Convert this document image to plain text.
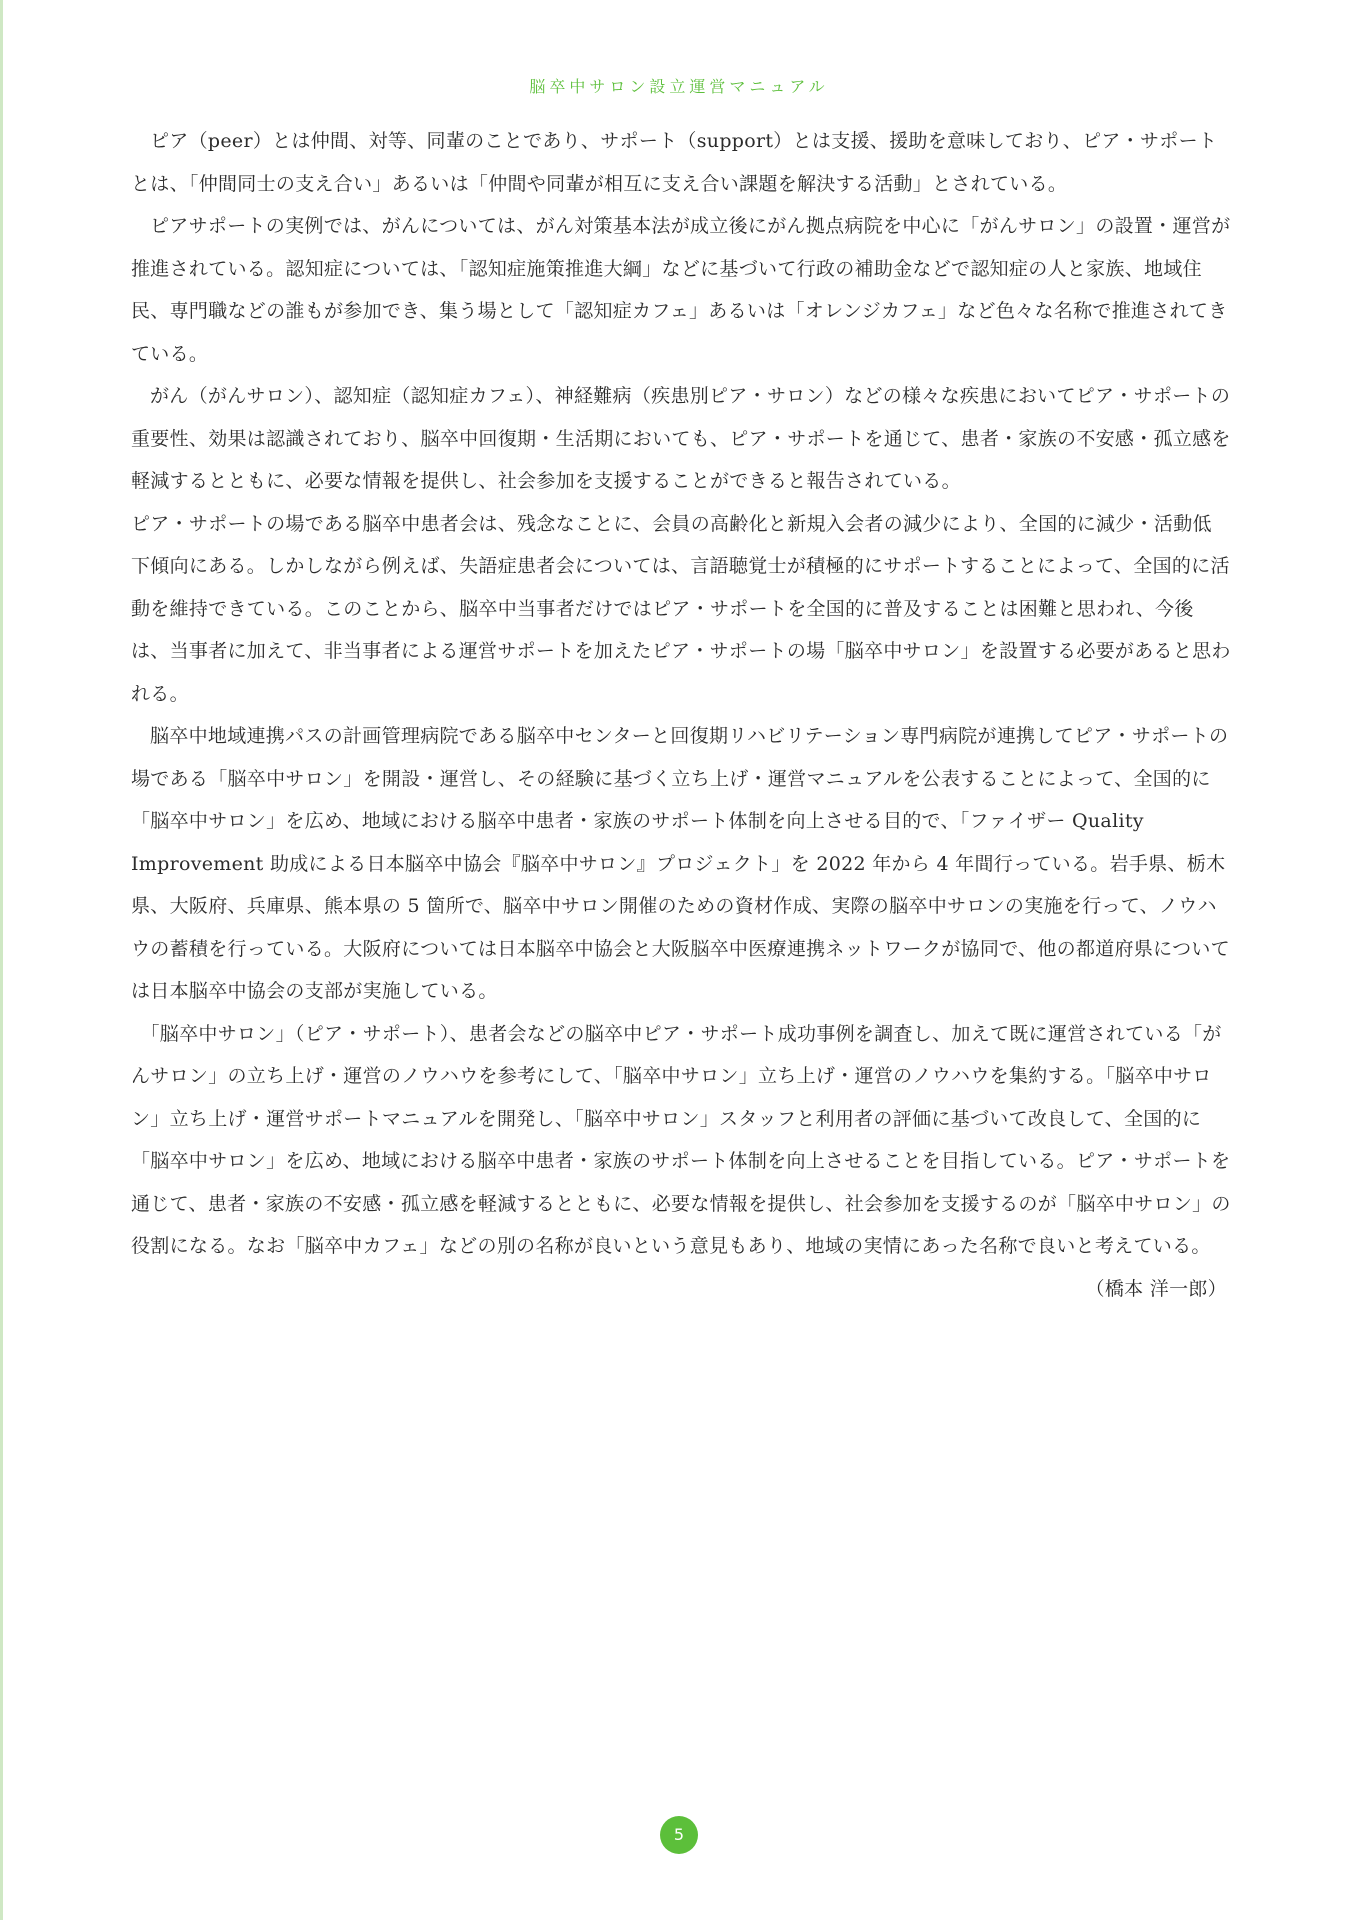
脳卒中サロン設立運営マニュアル

ピア（peer）とは仲間、対等、同輩のことであり、サポート（support）とは支援、援助を意味しており、ピア・サポートとは、「仲間同士の支え合い」あるいは「仲間や同輩が相互に支え合い課題を解決する活動」とされている。

ピアサポートの実例では、がんについては、がん対策基本法が成立後にがん拠点病院を中心に「がんサロン」の設置・運営が推進されている。認知症については、「認知症施策推進大綱」などに基づいて行政の補助金などで認知症の人と家族、地域住民、専門職などの誰もが参加でき、集う場として「認知症カフェ」あるいは「オレンジカフェ」など色々な名称で推進されてきている。

がん（がんサロン）、認知症（認知症カフェ）、神経難病（疾患別ピア・サロン）などの様々な疾患においてピア・サポートの重要性、効果は認識されており、脳卒中回復期・生活期においても、ピア・サポートを通じて、患者・家族の不安感・孤立感を軽減するとともに、必要な情報を提供し、社会参加を支援することができると報告されている。

ピア・サポートの場である脳卒中患者会は、残念なことに、会員の高齢化と新規入会者の減少により、全国的に減少・活動低下傾向にある。しかしながら例えば、失語症患者会については、言語聴覚士が積極的にサポートすることによって、全国的に活動を維持できている。このことから、脳卒中当事者だけではピア・サポートを全国的に普及することは困難と思われ、今後は、当事者に加えて、非当事者による運営サポートを加えたピア・サポートの場「脳卒中サロン」を設置する必要があると思われる。

脳卒中地域連携パスの計画管理病院である脳卒中センターと回復期リハビリテーション専門病院が連携してピア・サポートの場である「脳卒中サロン」を開設・運営し、その経験に基づく立ち上げ・運営マニュアルを公表することによって、全国的に「脳卒中サロン」を広め、地域における脳卒中患者・家族のサポート体制を向上させる目的で、「ファイザー Quality Improvement 助成による日本脳卒中協会『脳卒中サロン』プロジェクト」を 2022 年から 4 年間行っている。岩手県、栃木県、大阪府、兵庫県、熊本県の 5 箇所で、脳卒中サロン開催のための資材作成、実際の脳卒中サロンの実施を行って、ノウハウの蓄積を行っている。大阪府については日本脳卒中協会と大阪脳卒中医療連携ネットワークが協同で、他の都道府県については日本脳卒中協会の支部が実施している。

「脳卒中サロン」（ピア・サポート）、患者会などの脳卒中ピア・サポート成功事例を調査し、加えて既に運営されている「がんサロン」の立ち上げ・運営のノウハウを参考にして、「脳卒中サロン」立ち上げ・運営のノウハウを集約する。「脳卒中サロン」立ち上げ・運営サポートマニュアルを開発し、「脳卒中サロン」スタッフと利用者の評価に基づいて改良して、全国的に「脳卒中サロン」を広め、地域における脳卒中患者・家族のサポート体制を向上させることを目指している。ピア・サポートを通じて、患者・家族の不安感・孤立感を軽減するとともに、必要な情報を提供し、社会参加を支援するのが「脳卒中サロン」の役割になる。なお「脳卒中カフェ」などの別の名称が良いという意見もあり、地域の実情にあった名称で良いと考えている。

（橋本 洋一郎）

5
